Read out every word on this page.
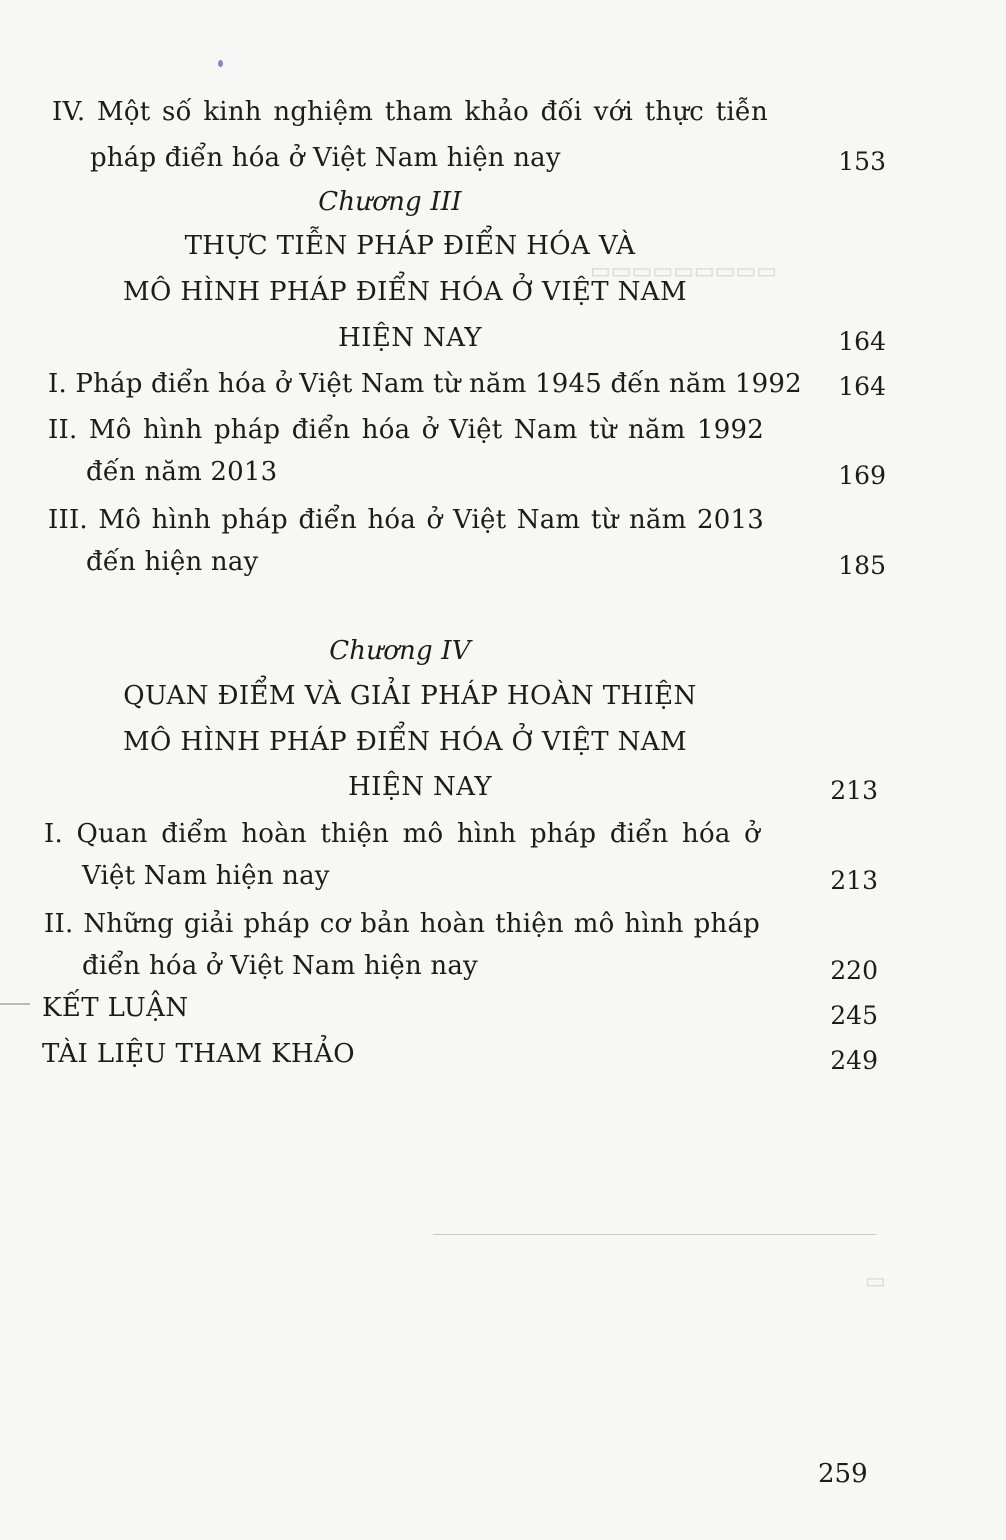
▭▭▭▭▭▭▭▭▭
▭
IV. Một số kinh nghiệm tham khảo đối với thực tiễn
pháp điển hóa ở Việt Nam hiện nay	153
Chương III
THỰC TIỄN PHÁP ĐIỂN HÓA VÀ
MÔ HÌNH PHÁP ĐIỂN HÓA Ở VIỆT NAM
HIỆN NAY	164
I. Pháp điển hóa ở Việt Nam từ năm 1945 đến năm 1992	164
II. Mô hình pháp điển hóa ở Việt Nam từ năm 1992
đến năm 2013	169
III. Mô hình pháp điển hóa ở Việt Nam từ năm 2013
đến hiện nay	185
Chương IV
QUAN ĐIỂM VÀ GIẢI PHÁP HOÀN THIỆN
MÔ HÌNH PHÁP ĐIỂN HÓA Ở VIỆT NAM
HIỆN NAY	213
I. Quan điểm hoàn thiện mô hình pháp điển hóa ở
Việt Nam hiện nay	213
II. Những giải pháp cơ bản hoàn thiện mô hình pháp
điển hóa ở Việt Nam hiện nay	220
KẾT LUẬN	245
TÀI LIỆU THAM KHẢO	249
259
